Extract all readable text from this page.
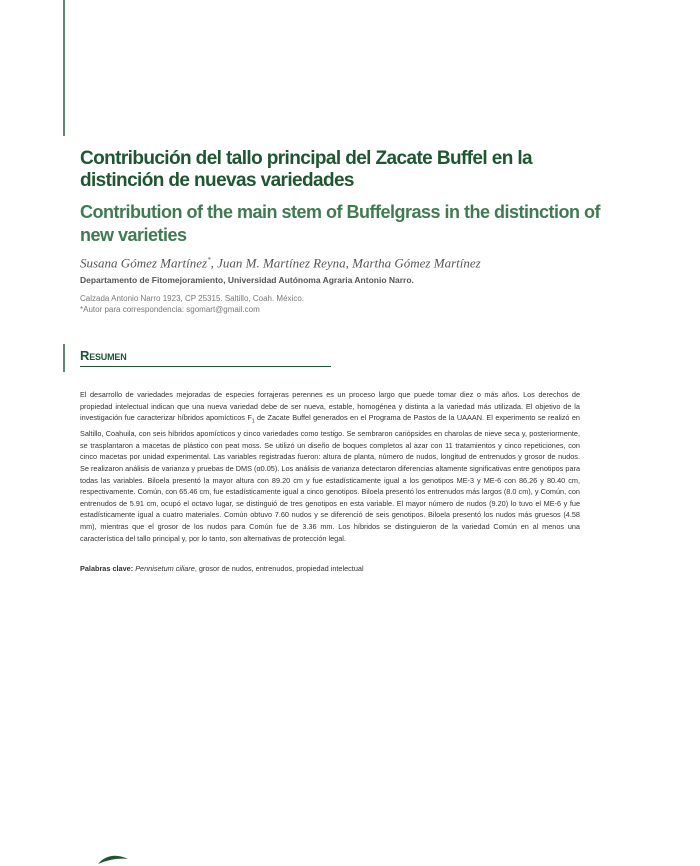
Contribución del tallo principal del Zacate Buffel en la distinción de nuevas variedades
Contribution of the main stem of Buffelgrass in the distinction of new varieties
Susana Gómez Martínez*, Juan M. Martínez Reyna, Martha Gómez Martínez
Departamento de Fitomejoramiento, Universidad Autónoma Agraria Antonio Narro.
Calzada Antonio Narro 1923, CP 25315. Saltillo, Coah. México.
*Autor para correspondencia: sgomart@gmail.com
Resumen

El desarrollo de variedades mejoradas de especies forrajeras perennes es un proceso largo que puede tomar diez o más años. Los derechos de propiedad intelectual indican que una nueva variedad debe de ser nueva, estable, homogénea y distinta a la variedad más utilizada. El objetivo de la investigación fue caracterizar híbridos apomícticos $F_1$ de Zacate Buffel generados en el Programa de Pastos de la UAAAN. El experimento se realizó en Saltillo, Coahuila, con seis híbridos apomícticos y cinco variedades como testigo. Se sembraron cariópsides en charolas de nieve seca y, posteriormente, se trasplantaron a macetas de plástico con peat moss. Se utilizó un diseño de boques completos al azar con 11 tratamientos y cinco repeticiones, con cinco macetas por unidad experimental. Las variables registradas fueron: altura de planta, número de nudos, longitud de entrenudos y grosor de nudos. Se realizaron análisis de varianza y pruebas de DMS (α0.05). Los análisis de varianza detectaron diferencias altamente significativas entre genotipos para todas las variables. Biloela presentó la mayor altura con 89.20 cm y fue estadísticamente igual a los genotipos ME-3 y ME-6 con 86.26 y 80.40 cm, respectivamente. Común, con 65.46 cm, fue estadísticamente igual a cinco genotipos. Biloela presentó los entrenudos más largos (8.0 cm), y Común, con entrenudos de 5.91 cm, ocupó el octavo lugar, se distinguió de tres genotipos en esta variable. El mayor número de nudos (9.20) lo tuvo el ME-6 y fue estadísticamente igual a cuatro materiales. Común obtuvo 7.60 nudos y se diferenció de seis genotipos. Biloela presentó los nudos más gruesos (4.58 mm), mientras que el grosor de los nudos para Común fue de 3.36 mm. Los híbridos se distinguieron de la variedad Común en al menos una característica del tallo principal y, por lo tanto, son alternativas de protección legal.

Palabras clave: Pennisetum ciliare, grosor de nudos, entrenudos, propiedad intelectual
